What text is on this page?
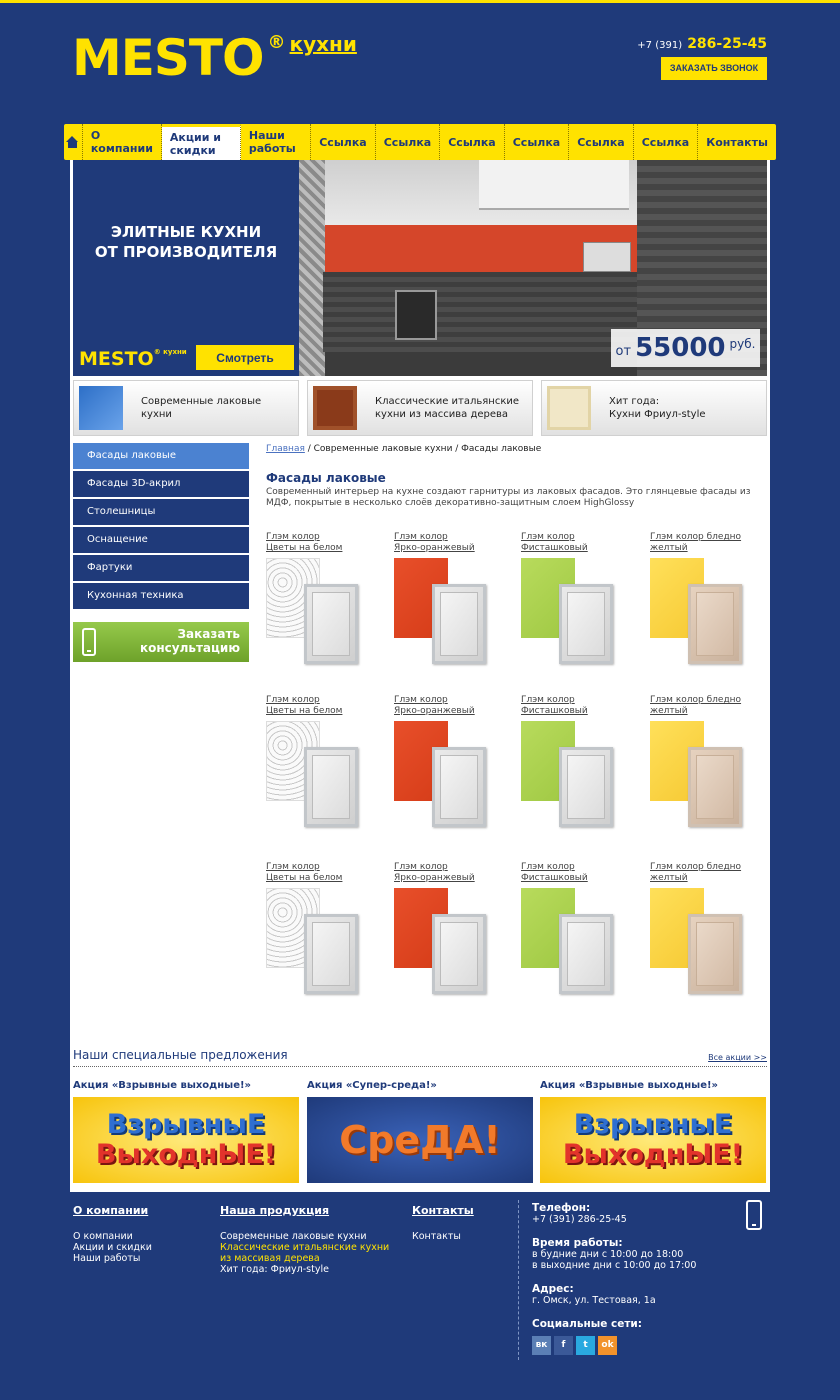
MESTO ® кухни	+7 (391) 286-25-45
ЗАКАЗАТЬ ЗВОНОК
О компании
Акции и скидки
Наши работы	Ссылка	Ссылка	Ссылка	Ссылка	Ссылка	Ссылка	Контакты
ЭЛИТНЫЕ КУХНИ
ОТ ПРОИЗВОДИТЕЛЯ
$MESTO^{® кухни}$	Смотреть	от 55000 руб.
Современные лаковые
кухни
Классические итальянские
кухни из массива дерева
Хит года:
Кухни Фриул-style
Фасады лаковые
Фасады 3D-акрил
Столешницы
Оснащение
Фартуки
Кухонная техника
Заказать
консультацию
Главная / Современные лаковые кухни / Фасады лаковые
Фасады лаковые
Современный интерьер на кухне создают гарнитуры из лаковых фасадов. Это глянцевые фасады из МДФ, покрытые в несколько слоёв декоративно-защитным слоем HighGlossy
Глэм колор
Цветы на белом
Глэм колор
Ярко-оранжевый
Глэм колор
Фисташковый
Глэм колор бледно
желтый
Глэм колор
Цветы на белом
Глэм колор
Ярко-оранжевый
Глэм колор
Фисташковый
Глэм колор бледно
желтый
Глэм колор
Цветы на белом
Глэм колор
Ярко-оранжевый
Глэм колор
Фисташковый
Глэм колор бледно
желтый
Наши специальные предложения	Все акции >>
Акция «Взрывные выходные!»
ВзрывныЕ
ВыходнЫЕ!
Акция «Супер-среда!»
СреДА!
Акция «Взрывные выходные!»
ВзрывныЕ
ВыходнЫЕ!
О компании
О компании
Акции и скидки
Наши работы
Наша продукция
Современные лаковые кухни
Классические итальянские кухни
из массивая дерева
Хит года: Фриул-style
Контакты
Контакты
Телефон:
+7 (391) 286-25-45
Время работы:
в будние дни с 10:00 до 18:00
в выходние дни с 10:00 до 17:00
Адрес:
г. Омск, ул. Тестовая, 1а
Социальные сети:
вк	f	t	ok
